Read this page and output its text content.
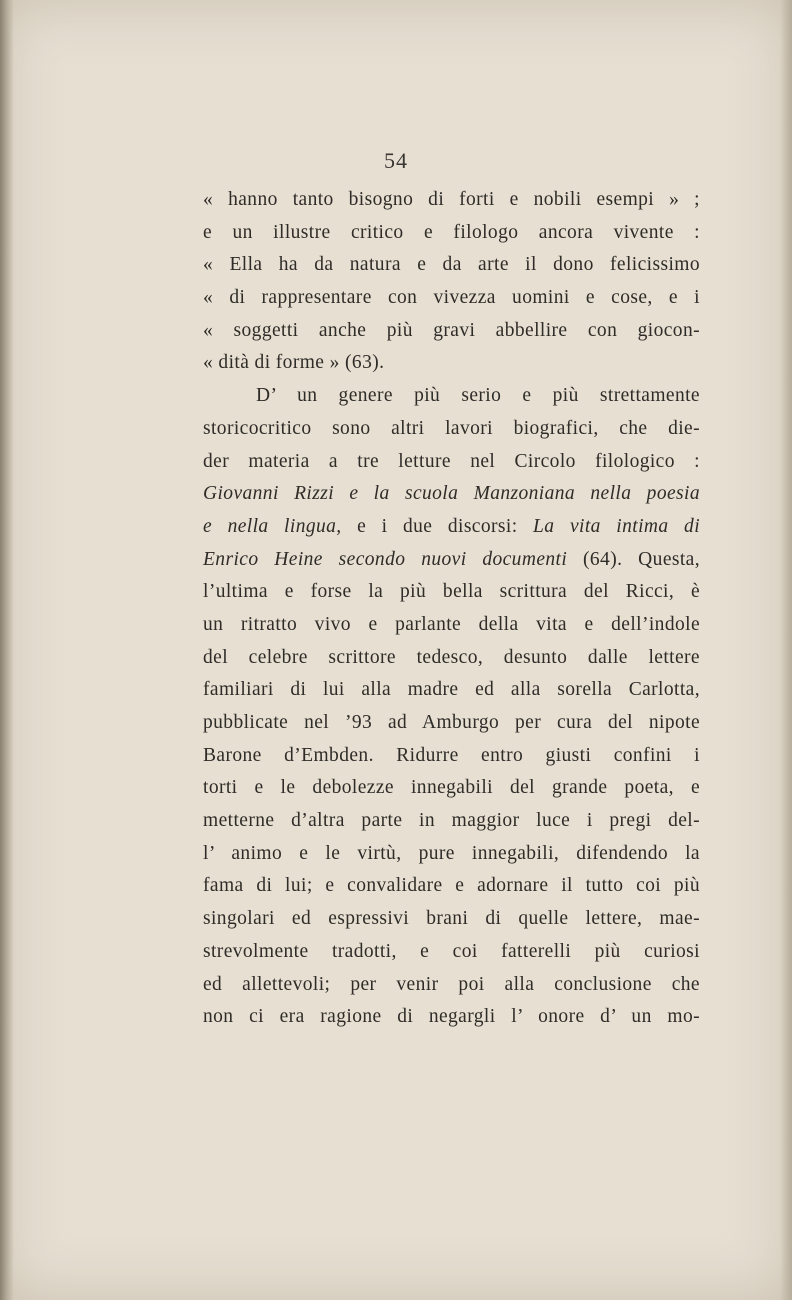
54
« hanno tanto bisogno di forti e nobili esempi » ;
e un illustre critico e filologo ancora vivente :
« Ella ha da natura e da arte il dono felicissimo
« di rappresentare con vivezza uomini e cose, e i
« soggetti anche più gravi abbellire con giocon-
« dità di forme » (63).
D’ un genere più serio e più strettamente
storicocritico sono altri lavori biografici, che die-
der materia a tre letture nel Circolo filologico :
Giovanni Rizzi e la scuola Manzoniana nella poesia
e nella lingua, e i due discorsi: La vita intima di
Enrico Heine secondo nuovi documenti (64). Questa,
l’ultima e forse la più bella scrittura del Ricci, è
un ritratto vivo e parlante della vita e dell’indole
del celebre scrittore tedesco, desunto dalle lettere
familiari di lui alla madre ed alla sorella Carlotta,
pubblicate nel ’93 ad Amburgo per cura del nipote
Barone d’Embden. Ridurre entro giusti confini i
torti e le debolezze innegabili del grande poeta, e
metterne d’altra parte in maggior luce i pregi del-
l’ animo e le virtù, pure innegabili, difendendo la
fama di lui; e convalidare e adornare il tutto coi più
singolari ed espressivi brani di quelle lettere, mae-
strevolmente tradotti, e coi fatterelli più curiosi
ed allettevoli; per venir poi alla conclusione che
non ci era ragione di negargli l’ onore d’ un mo-
